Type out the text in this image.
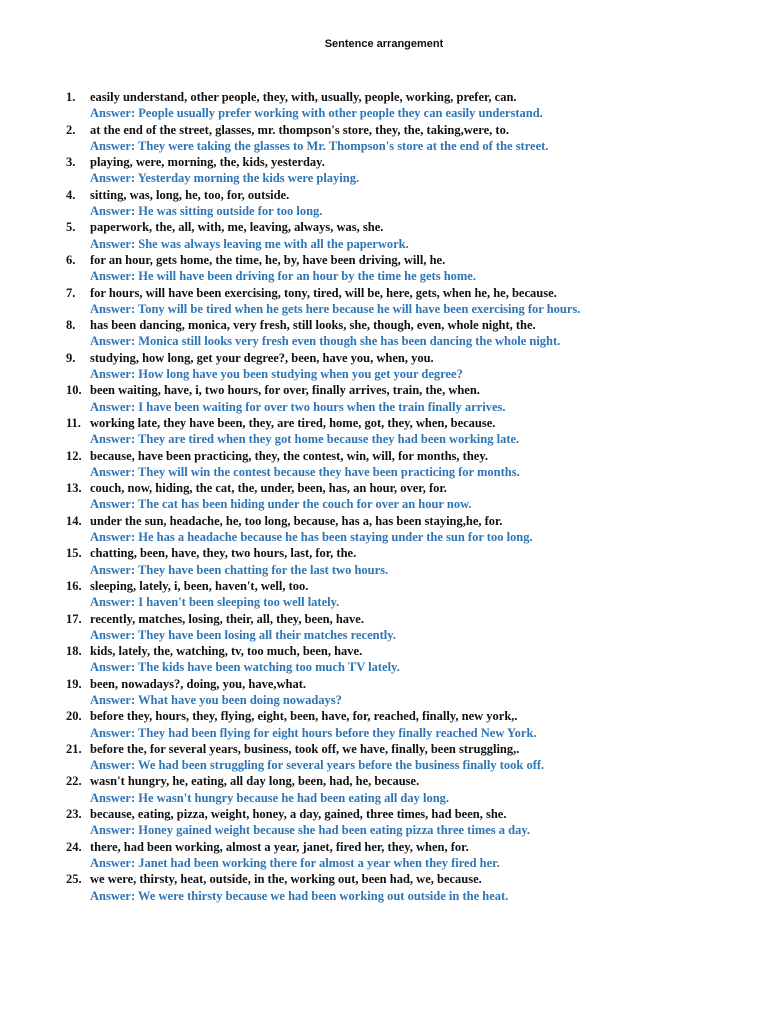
Sentence arrangement
1.	easily understand, other people, they, with, usually, people, working, prefer, can.
Answer: People usually prefer working with other people they can easily understand.
2.	at the end of the street, glasses, mr. thompson's store, they, the, taking,were, to.
Answer: They were taking the glasses to Mr. Thompson's store at the end of the street.
3.	playing, were, morning, the, kids, yesterday.
Answer: Yesterday morning the kids were playing.
4.	sitting, was, long, he, too, for, outside.
Answer: He was sitting outside for too long.
5.	paperwork, the, all, with, me, leaving, always, was, she.
Answer: She was always leaving me with all the paperwork.
6.	for an hour, gets home, the time, he, by, have been driving, will, he.
Answer: He will have been driving for an hour by the time he gets home.
7.	for hours, will have been exercising, tony, tired, will be, here, gets, when he, he, because.
Answer: Tony will be tired when he gets here because he will have been exercising for hours.
8.	has been dancing, monica, very fresh, still looks, she, though, even, whole night, the.
Answer: Monica still looks very fresh even though she has been dancing the whole night.
9.	studying, how long, get your degree?, been, have you, when, you.
Answer: How long have you been studying when you get your degree?
10. been waiting, have, i, two hours, for over, finally arrives, train, the, when.
Answer: I have been waiting for over two hours when the train finally arrives.
11. working late, they have been, they, are tired, home, got, they, when, because.
Answer: They are tired when they got home because they had been working late.
12. because, have been practicing, they, the contest, win, will, for months, they.
Answer: They will win the contest because they have been practicing for months.
13. couch, now, hiding, the cat, the, under, been, has, an hour, over, for.
Answer: The cat has been hiding under the couch for over an hour now.
14. under the sun, headache, he, too long, because, has a, has been staying,he, for.
Answer: He has a headache because he has been staying under the sun for too long.
15. chatting, been, have, they, two hours, last, for, the.
Answer: They have been chatting for the last two hours.
16. sleeping, lately, i, been, haven't, well, too.
Answer: I haven't been sleeping too well lately.
17. recently, matches, losing, their, all, they, been, have.
Answer: They have been losing all their matches recently.
18. kids, lately, the, watching, tv, too much, been, have.
Answer: The kids have been watching too much TV lately.
19. been, nowadays?, doing, you, have,what.
Answer: What have you been doing nowadays?
20. before they, hours, they, flying, eight, been, have, for, reached, finally, new york,.
Answer: They had been flying for eight hours before they finally reached New York.
21. before the, for several years, business, took off, we have, finally, been struggling,.
Answer: We had been struggling for several years before the business finally took off.
22. wasn't hungry, he, eating, all day long, been, had, he, because.
Answer: He wasn't hungry because he had been eating all day long.
23. because, eating, pizza, weight, honey, a day, gained, three times, had been, she.
Answer: Honey gained weight because she had been eating pizza three times a day.
24. there, had been working, almost a year, janet, fired her, they, when, for.
Answer: Janet had been working there for almost a year when they fired her.
25. we were, thirsty, heat, outside, in the, working out, been had, we, because.
Answer: We were thirsty because we had been working out outside in the heat.
